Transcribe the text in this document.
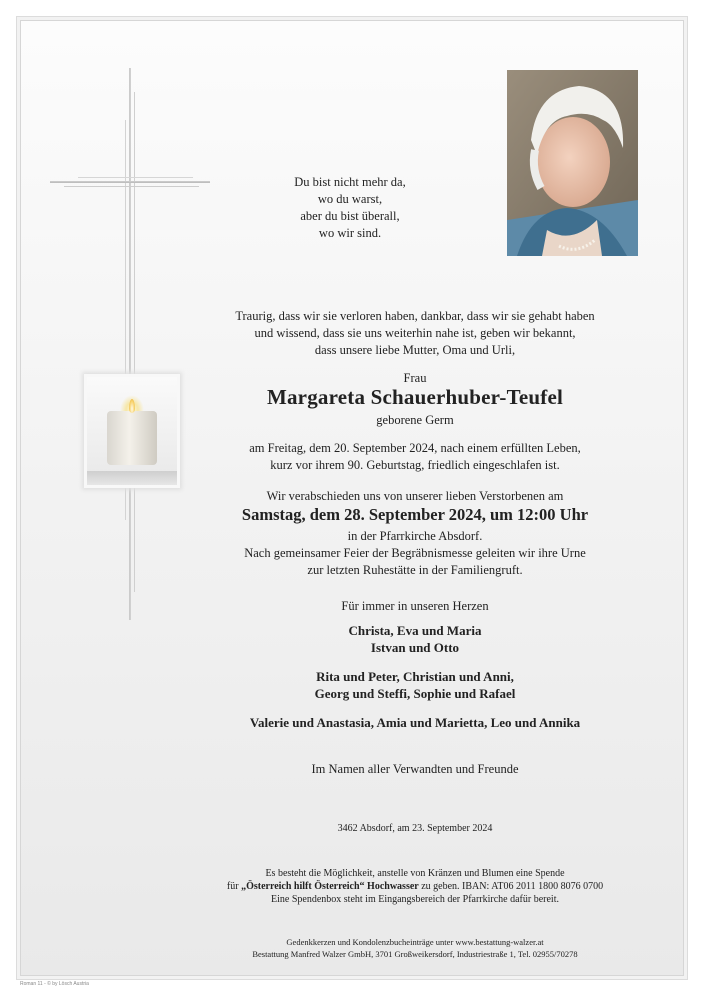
Du bist nicht mehr da,
wo du warst,
aber du bist überall,
wo wir sind.
Traurig, dass wir sie verloren haben, dankbar, dass wir sie gehabt haben
und wissend, dass sie uns weiterhin nahe ist, geben wir bekannt,
dass unsere liebe Mutter, Oma und Urli,
Frau
Margareta Schauerhuber-Teufel
geborene Germ
am Freitag, dem 20. September 2024, nach einem erfüllten Leben,
kurz vor ihrem 90. Geburtstag, friedlich eingeschlafen ist.
Wir verabschieden uns von unserer lieben Verstorbenen am
Samstag, dem 28. September 2024, um 12:00 Uhr
in der Pfarrkirche Absdorf.
Nach gemeinsamer Feier der Begräbnismesse geleiten wir ihre Urne
zur letzten Ruhestätte in der Familiengruft.
Für immer in unseren Herzen
Christa, Eva und Maria
Istvan und Otto
Rita und Peter, Christian und Anni,
Georg und Steffi, Sophie und Rafael
Valerie und Anastasia, Amia und Marietta, Leo und Annika
Im Namen aller Verwandten und Freunde
3462 Absdorf, am 23. September 2024
Es besteht die Möglichkeit, anstelle von Kränzen und Blumen eine Spende
für „Österreich hilft Österreich“ Hochwasser zu geben. IBAN: AT06 2011 1800 8076 0700
Eine Spendenbox steht im Eingangsbereich der Pfarrkirche dafür bereit.
Gedenkkerzen und Kondolenzbucheinträge unter www.bestattung-walzer.at
Bestattung Manfred Walzer GmbH, 3701 Großweikersdorf, Industriestraße 1, Tel. 02955/70278
Roman 11 - © by Lösch Austria
